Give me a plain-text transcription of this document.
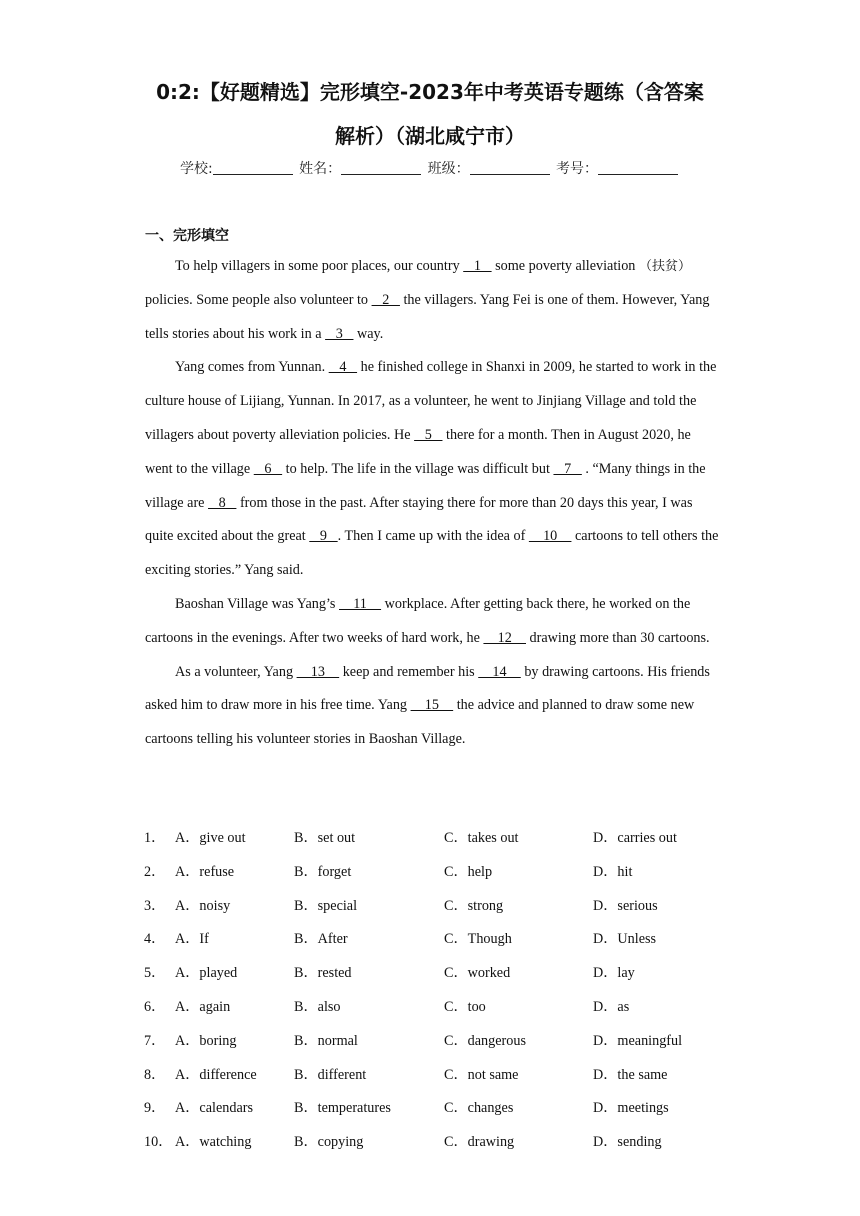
0:2:【好题精选】完形填空-2023年中考英语专题练（含答案
解析）（湖北咸宁市）
学校:	姓名：	班级：	考号：
一、完形填空

To help villagers in some poor places, our country    1    some poverty alleviation （扶贫） policies. Some people also volunteer to    2    the villagers. Yang Fei is one of them. However, Yang tells stories about his work in a    3    way.

Yang comes from Yunnan.    4    he finished college in Shanxi in 2009, he started to work in the culture house of Lijiang, Yunnan. In 2017, as a volunteer, he went to Jinjiang Village and told the villagers about poverty alleviation policies. He    5    there for a month. Then in August 2020, he went to the village    6    to help. The life in the village was difficult but    7    . “Many things in the village are    8    from those in the past. After staying there for more than 20 days this year, I was quite excited about the great    9   . Then I came up with the idea of     10     cartoons to tell others the exciting stories.” Yang said.

Baoshan Village was Yang’s     11     workplace. After getting back there, he worked on the cartoons in the evenings. After two weeks of hard work, he     12     drawing more than 30 cartoons.

As a volunteer, Yang     13     keep and remember his     14     by drawing cartoons. His friends asked him to draw more in his free time. Yang     15     the advice and planned to draw some new cartoons telling his volunteer stories in Baoshan Village.

1． A．give out	B．set out	C．takes out	D．carries out
2． A．refuse	B．forget	C．help	D．hit
3． A．noisy	B．special	C．strong	D．serious
4． A．If	B．After	C．Though	D．Unless
5． A．played	B．rested	C．worked	D．lay
6． A．again	B．also	C．too	D．as
7． A．boring	B．normal	C．dangerous	D．meaningful
8． A．difference	B．different	C．not same	D．the same
9． A．calendars	B．temperatures	C．changes	D．meetings
10． A．watching	B．copying	C．drawing	D．sending
